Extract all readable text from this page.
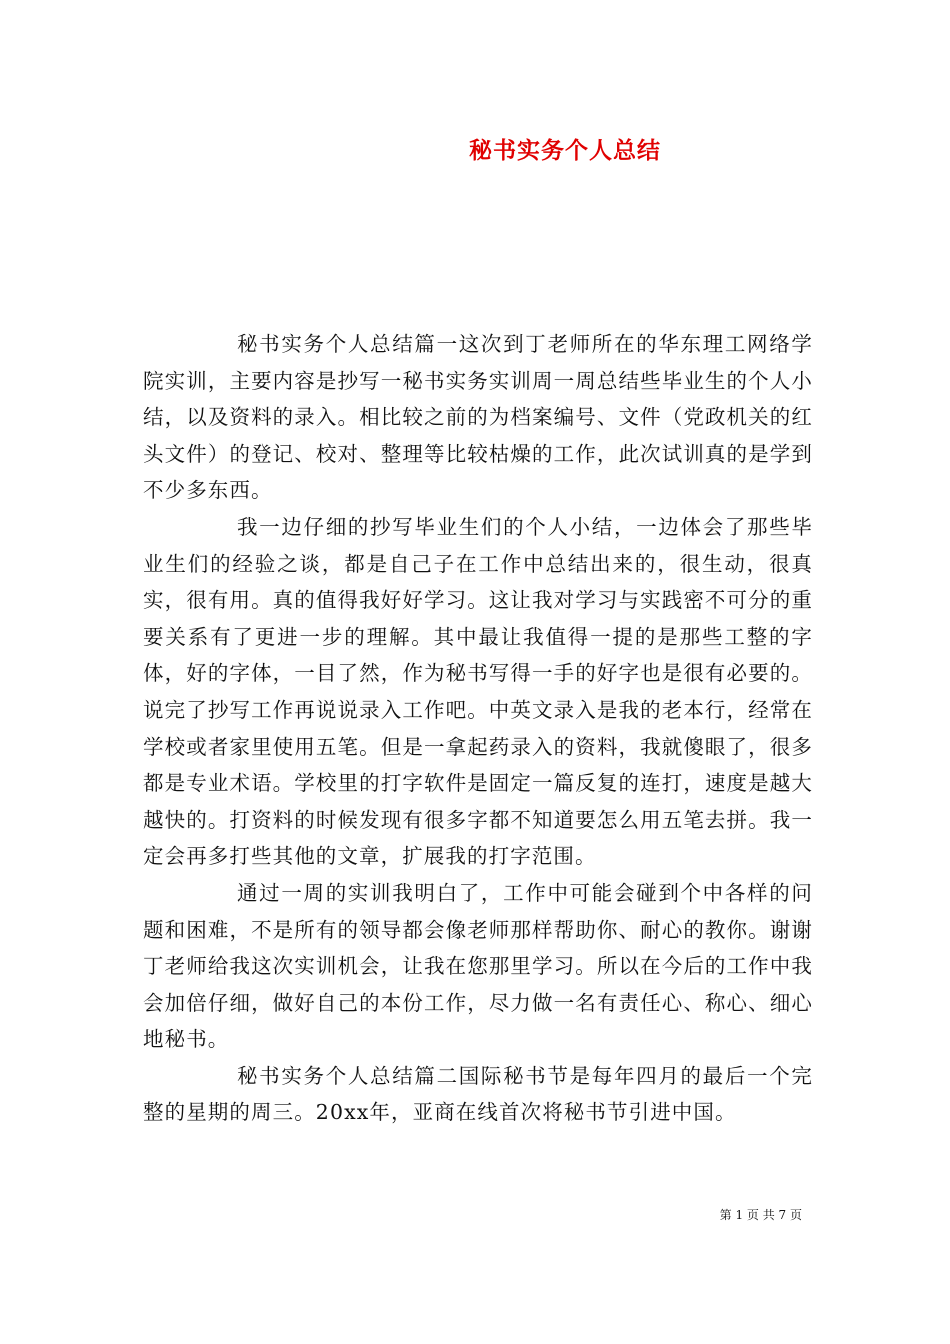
秘书实务个人总结

秘书实务个人总结篇一这次到丁老师所在的华东理工网络学院实训，主要内容是抄写一秘书实务实训周一周总结些毕业生的个人小结，以及资料的录入。相比较之前的为档案编号、文件（党政机关的红头文件）的登记、校对、整理等比较枯燥的工作，此次试训真的是学到不少多东西。

我一边仔细的抄写毕业生们的个人小结，一边体会了那些毕业生们的经验之谈，都是自己子在工作中总结出来的，很生动，很真实，很有用。真的值得我好好学习。这让我对学习与实践密不可分的重要关系有了更进一步的理解。其中最让我值得一提的是那些工整的字体，好的字体，一目了然，作为秘书写得一手的好字也是很有必要的。说完了抄写工作再说说录入工作吧。中英文录入是我的老本行，经常在学校或者家里使用五笔。但是一拿起药录入的资料，我就傻眼了，很多都是专业术语。学校里的打字软件是固定一篇反复的连打，速度是越大越快的。打资料的时候发现有很多字都不知道要怎么用五笔去拼。我一定会再多打些其他的文章，扩展我的打字范围。

通过一周的实训我明白了，工作中可能会碰到个中各样的问题和困难，不是所有的领导都会像老师那样帮助你、耐心的教你。谢谢丁老师给我这次实训机会，让我在您那里学习。所以在今后的工作中我会加倍仔细，做好自己的本份工作，尽力做一名有责任心、称心、细心地秘书。

秘书实务个人总结篇二国际秘书节是每年四月的最后一个完整的星期的周三。20xx年，亚商在线首次将秘书节引进中国。

第 1 页 共 7 页
